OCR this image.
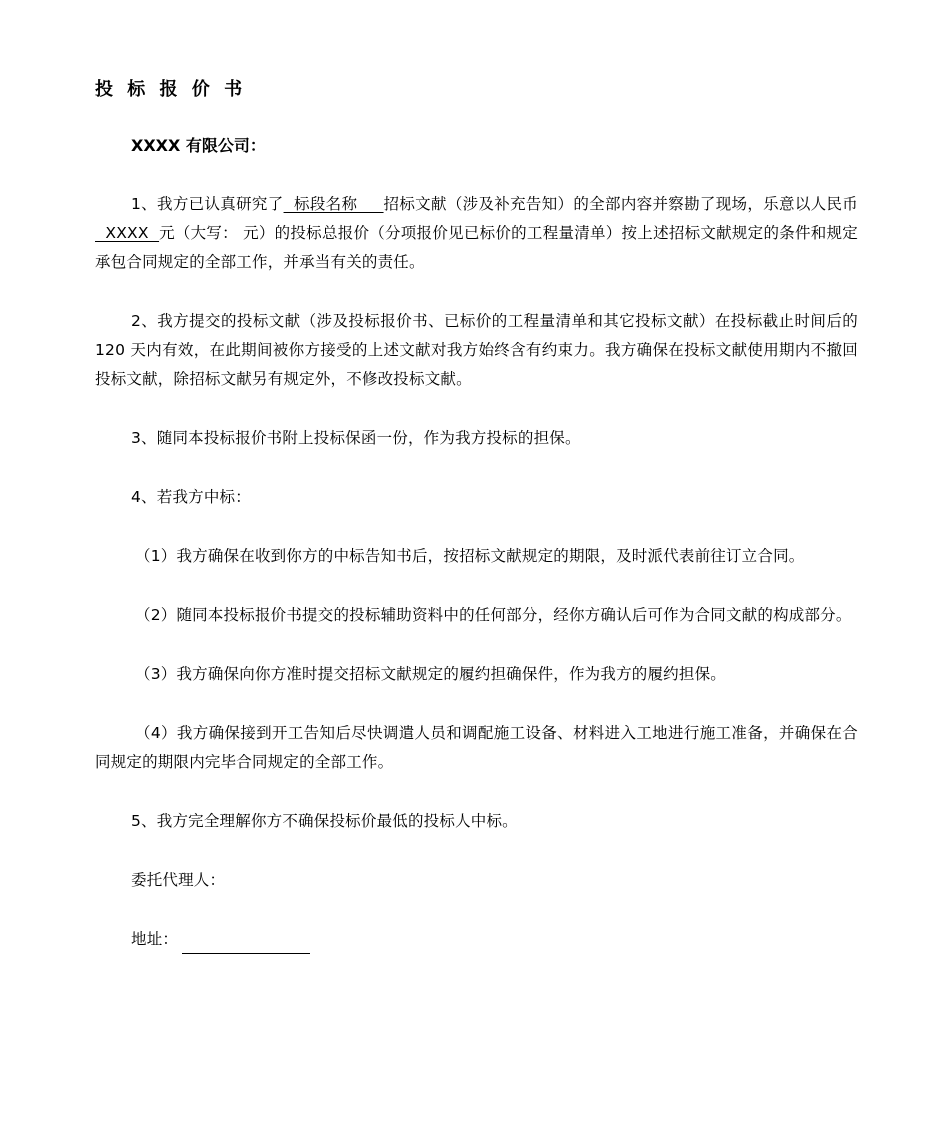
投 标 报 价 书
XXXX 有限公司：

1、我方已认真研究了  标段名称     招标文献（涉及补充告知）的全部内容并察勘了现场，乐意以人民币  XXXX  元（大写： 元）的投标总报价（分项报价见已标价的工程量清单）按上述招标文献规定的条件和规定承包合同规定的全部工作，并承当有关的责任。

2、我方提交的投标文献（涉及投标报价书、已标价的工程量清单和其它投标文献）在投标截止时间后的 120 天内有效，在此期间被你方接受的上述文献对我方始终含有约束力。我方确保在投标文献使用期内不撤回投标文献，除招标文献另有规定外，不修改投标文献。

3、随同本投标报价书附上投标保函一份，作为我方投标的担保。

4、若我方中标：

（1）我方确保在收到你方的中标告知书后，按招标文献规定的期限，及时派代表前往订立合同。

（2）随同本投标报价书提交的投标辅助资料中的任何部分，经你方确认后可作为合同文献的构成部分。

（3）我方确保向你方准时提交招标文献规定的履约担确保件，作为我方的履约担保。

（4）我方确保接到开工告知后尽快调遣人员和调配施工设备、材料进入工地进行施工准备，并确保在合同规定的期限内完毕合同规定的全部工作。

5、我方完全理解你方不确保投标价最低的投标人中标。

委托代理人：

地址：
